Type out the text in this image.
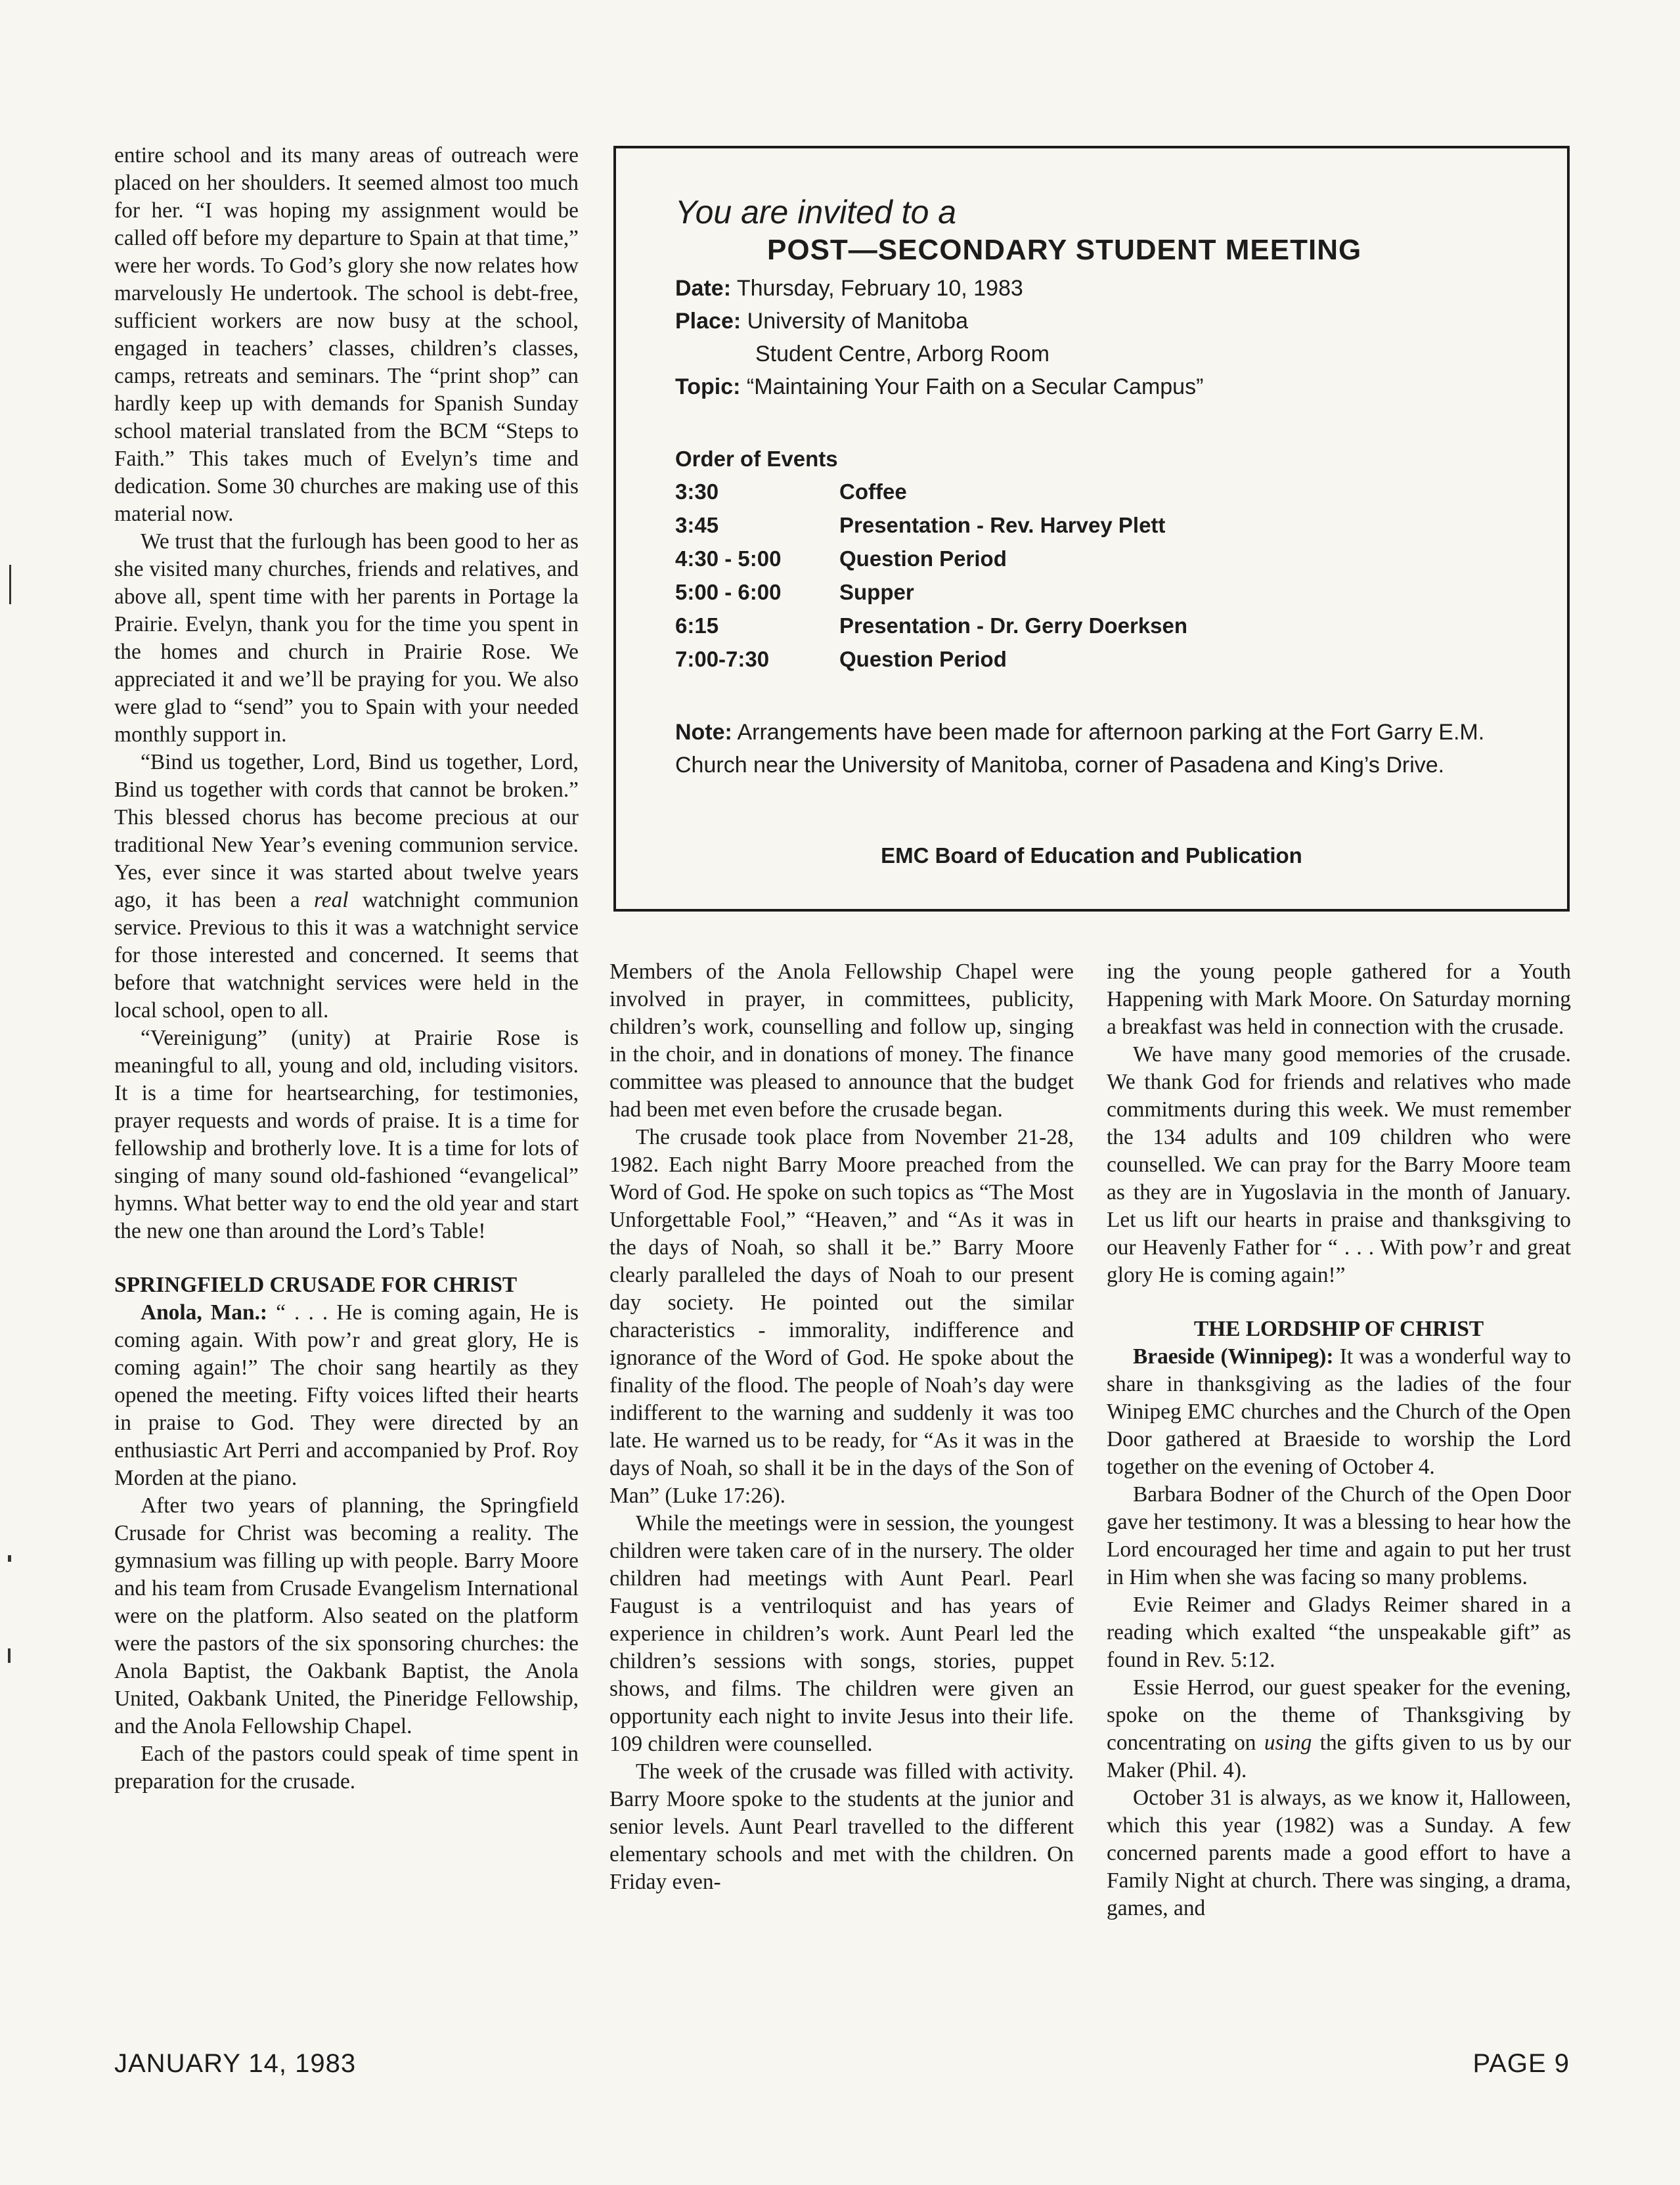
entire school and its many areas of outreach were placed on her shoulders. It seemed almost too much for her. “I was hoping my assignment would be called off before my departure to Spain at that time,” were her words. To God’s glory she now relates how marvelously He undertook. The school is debt-free, sufficient workers are now busy at the school, engaged in teachers’ classes, children’s classes, camps, retreats and seminars. The “print shop” can hardly keep up with demands for Spanish Sunday school material translated from the BCM “Steps to Faith.” This takes much of Evelyn’s time and dedication. Some 30 churches are making use of this material now.

We trust that the furlough has been good to her as she visited many churches, friends and relatives, and above all, spent time with her parents in Portage la Prairie. Evelyn, thank you for the time you spent in the homes and church in Prairie Rose. We appreciated it and we’ll be praying for you. We also were glad to “send” you to Spain with your needed monthly support in.

“Bind us together, Lord, Bind us together, Lord, Bind us together with cords that cannot be broken.” This blessed chorus has become precious at our traditional New Year’s evening communion service. Yes, ever since it was started about twelve years ago, it has been a real watchnight communion service. Previous to this it was a watchnight service for those interested and concerned. It seems that before that watchnight services were held in the local school, open to all.

“Vereinigung” (unity) at Prairie Rose is meaningful to all, young and old, including visitors. It is a time for heartsearching, for testimonies, prayer requests and words of praise. It is a time for fellowship and brotherly love. It is a time for lots of singing of many sound old-fashioned “evangelical” hymns. What better way to end the old year and start the new one than around the Lord’s Table!

SPRINGFIELD CRUSADE FOR CHRIST

Anola, Man.: “ . . . He is coming again, He is coming again. With pow’r and great glory, He is coming again!” The choir sang heartily as they opened the meeting. Fifty voices lifted their hearts in praise to God. They were directed by an enthusiastic Art Perri and accompanied by Prof. Roy Morden at the piano.

After two years of planning, the Springfield Crusade for Christ was becoming a reality. The gymnasium was filling up with people. Barry Moore and his team from Crusade Evangelism International were on the platform. Also seated on the platform were the pastors of the six sponsoring churches: the Anola Baptist, the Oakbank Baptist, the Anola United, Oakbank United, the Pineridge Fellowship, and the Anola Fellowship Chapel.

Each of the pastors could speak of time spent in preparation for the crusade.

You are invited to a
POST—SECONDARY STUDENT MEETING
Date: Thursday, February 10, 1983
Place: University of Manitoba
Student Centre, Arborg Room
Topic: “Maintaining Your Faith on a Secular Campus”
Order of Events
3:30	Coffee
3:45	Presentation - Rev. Harvey Plett
4:30 - 5:00	Question Period
5:00 - 6:00	Supper
6:15	Presentation - Dr. Gerry Doerksen
7:00-7:30	Question Period
Note: Arrangements have been made for afternoon parking at the Fort Garry E.M. Church near the University of Manitoba, corner of Pasadena and King’s Drive.
EMC Board of Education and Publication

Members of the Anola Fellowship Chapel were involved in prayer, in committees, publicity, children’s work, counselling and follow up, singing in the choir, and in donations of money. The finance committee was pleased to announce that the budget had been met even before the crusade began.

The crusade took place from November 21-28, 1982. Each night Barry Moore preached from the Word of God. He spoke on such topics as “The Most Unforgettable Fool,” “Heaven,” and “As it was in the days of Noah, so shall it be.” Barry Moore clearly paralleled the days of Noah to our present day society. He pointed out the similar characteristics - immorality, indifference and ignorance of the Word of God. He spoke about the finality of the flood. The people of Noah’s day were indifferent to the warning and suddenly it was too late. He warned us to be ready, for “As it was in the days of Noah, so shall it be in the days of the Son of Man” (Luke 17:26).

While the meetings were in session, the youngest children were taken care of in the nursery. The older children had meetings with Aunt Pearl. Pearl Faugust is a ventriloquist and has years of experience in children’s work. Aunt Pearl led the children’s sessions with songs, stories, puppet shows, and films. The children were given an opportunity each night to invite Jesus into their life. 109 children were counselled.

The week of the crusade was filled with activity. Barry Moore spoke to the students at the junior and senior levels. Aunt Pearl travelled to the different elementary schools and met with the children. On Friday even-

ing the young people gathered for a Youth Happening with Mark Moore. On Saturday morning a breakfast was held in connection with the crusade.

We have many good memories of the crusade. We thank God for friends and relatives who made commitments during this week. We must remember the 134 adults and 109 children who were counselled. We can pray for the Barry Moore team as they are in Yugoslavia in the month of January. Let us lift our hearts in praise and thanksgiving to our Heavenly Father for “ . . . With pow’r and great glory He is coming again!”

THE LORDSHIP OF CHRIST

Braeside (Winnipeg): It was a wonderful way to share in thanksgiving as the ladies of the four Winipeg EMC churches and the Church of the Open Door gathered at Braeside to worship the Lord together on the evening of October 4.

Barbara Bodner of the Church of the Open Door gave her testimony. It was a blessing to hear how the Lord encouraged her time and again to put her trust in Him when she was facing so many problems.

Evie Reimer and Gladys Reimer shared in a reading which exalted “the unspeakable gift” as found in Rev. 5:12.

Essie Herrod, our guest speaker for the evening, spoke on the theme of Thanksgiving by concentrating on using the gifts given to us by our Maker (Phil. 4).

October 31 is always, as we know it, Halloween, which this year (1982) was a Sunday. A few concerned parents made a good effort to have a Family Night at church. There was singing, a drama, games, and

JANUARY 14, 1983	PAGE 9
